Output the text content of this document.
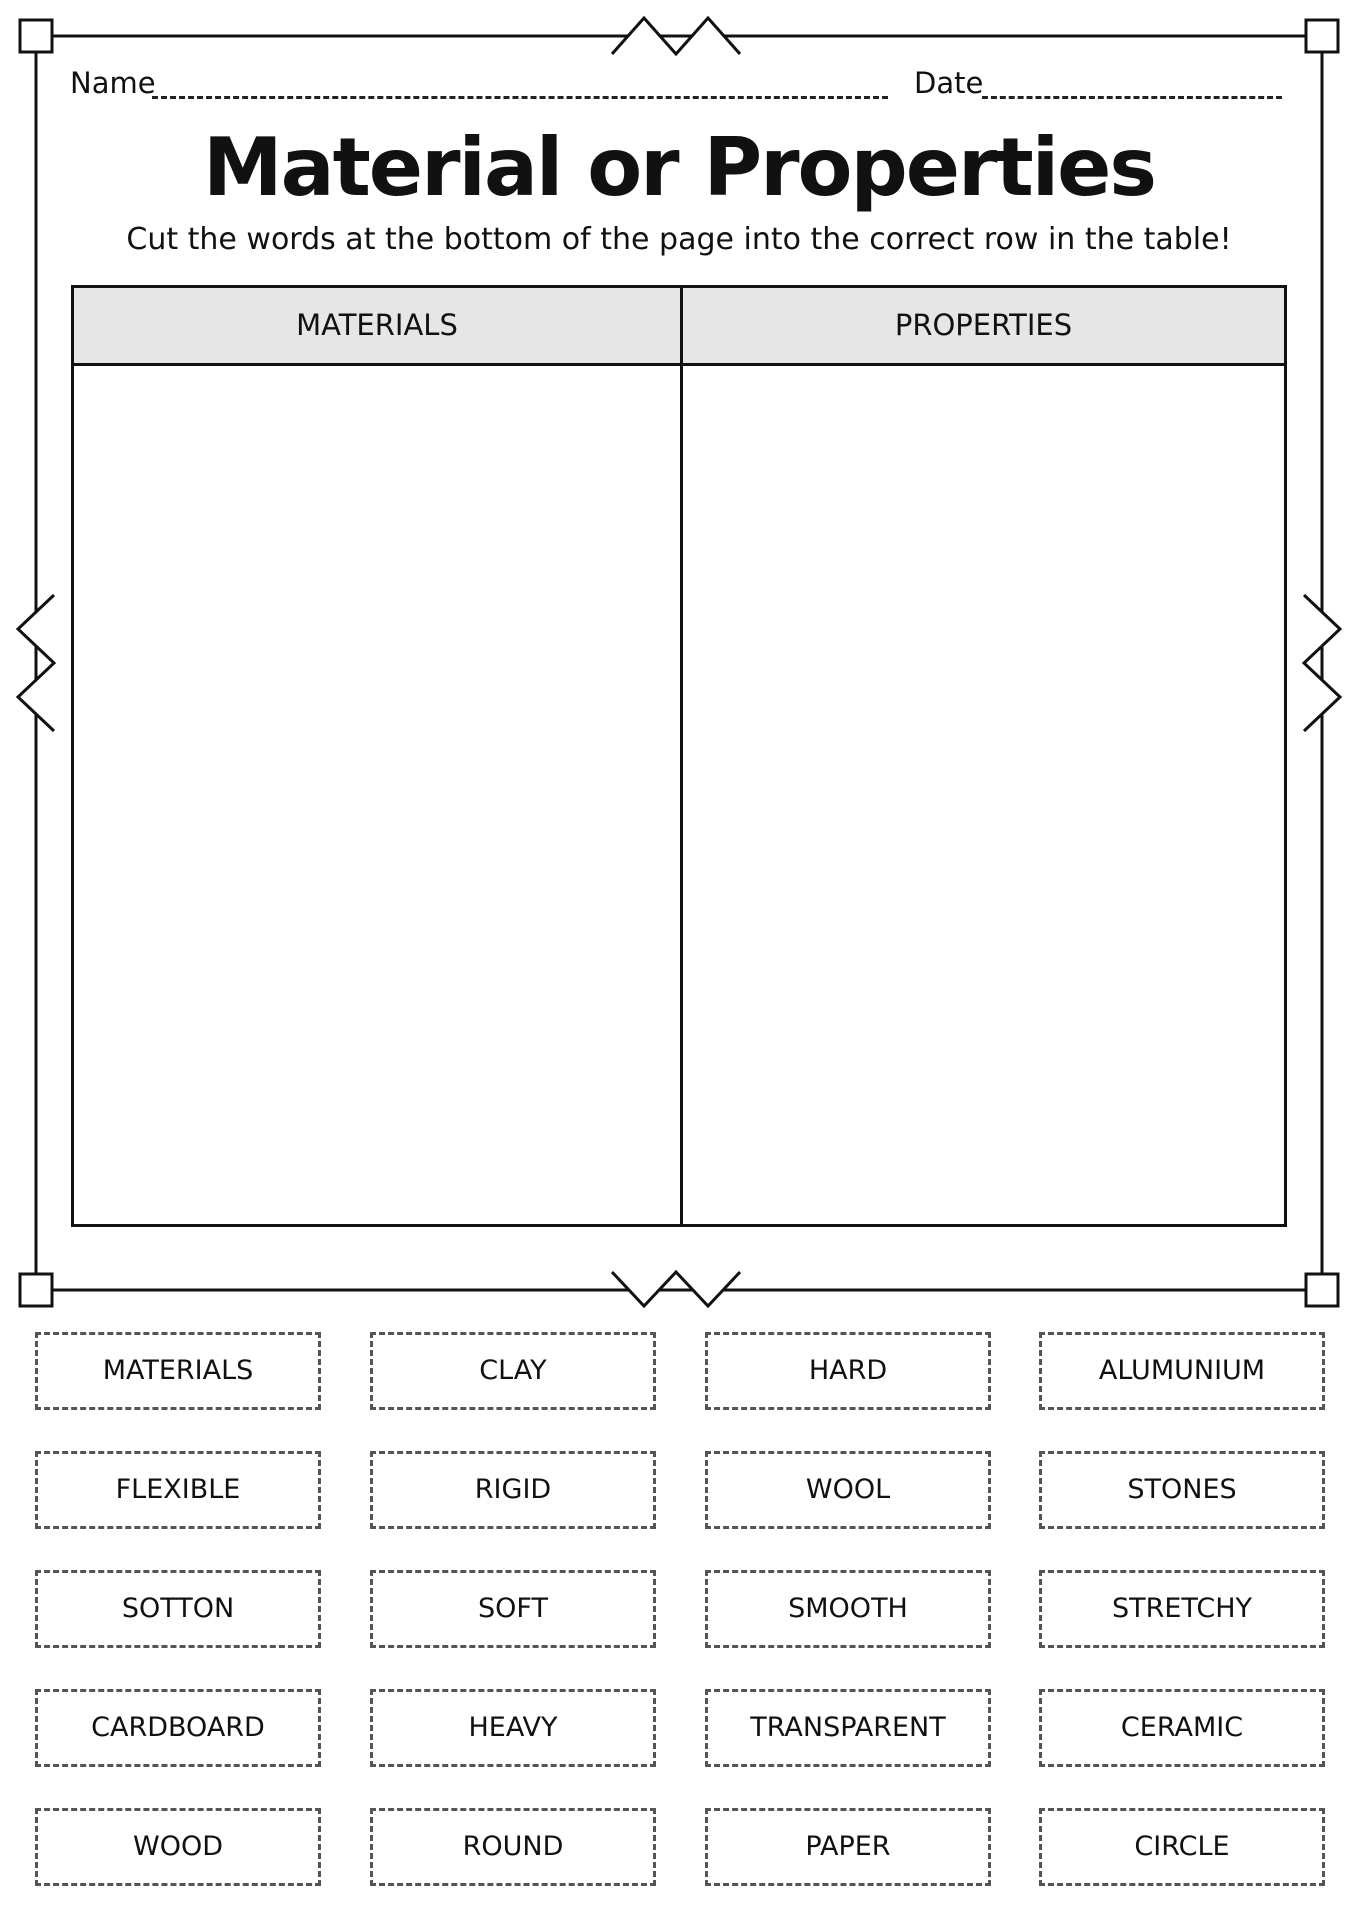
Name	Date
Material or Properties
Cut the words at the bottom of the page into the correct row in the table!
MATERIALS	PROPERTIES
MATERIALS	CLAY	HARD	ALUMUNIUM
FLEXIBLE	RIGID	WOOL	STONES
SOTTON	SOFT	SMOOTH	STRETCHY
CARDBOARD	HEAVY	TRANSPARENT	CERAMIC
WOOD	ROUND	PAPER	CIRCLE
